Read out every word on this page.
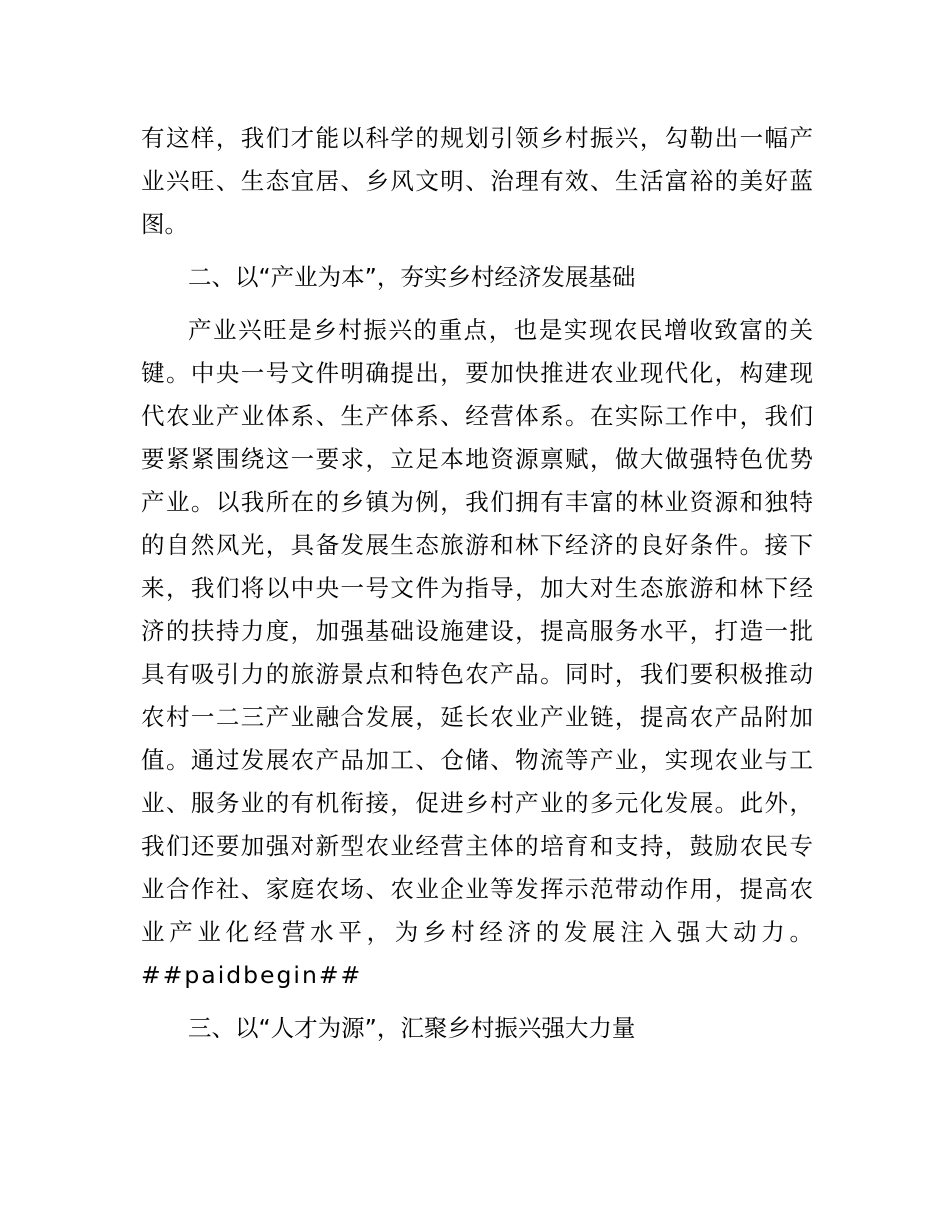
有这样，我们才能以科学的规划引领乡村振兴，勾勒出一幅产
业兴旺、生态宜居、乡风文明、治理有效、生活富裕的美好蓝
图。
二、以“产业为本”，夯实乡村经济发展基础
产业兴旺是乡村振兴的重点，也是实现农民增收致富的关
键。中央一号文件明确提出，要加快推进农业现代化，构建现
代农业产业体系、生产体系、经营体系。在实际工作中，我们
要紧紧围绕这一要求，立足本地资源禀赋，做大做强特色优势
产业。以我所在的乡镇为例，我们拥有丰富的林业资源和独特
的自然风光，具备发展生态旅游和林下经济的良好条件。接下
来，我们将以中央一号文件为指导，加大对生态旅游和林下经
济的扶持力度，加强基础设施建设，提高服务水平，打造一批
具有吸引力的旅游景点和特色农产品。同时，我们要积极推动
农村一二三产业融合发展，延长农业产业链，提高农产品附加
值。通过发展农产品加工、仓储、物流等产业，实现农业与工
业、服务业的有机衔接，促进乡村产业的多元化发展。此外，
我们还要加强对新型农业经营主体的培育和支持，鼓励农民专
业合作社、家庭农场、农业企业等发挥示范带动作用，提高农
业产业化经营水平，为乡村经济的发展注入强大动力。
##paidbegin##
三、以“人才为源”，汇聚乡村振兴强大力量
